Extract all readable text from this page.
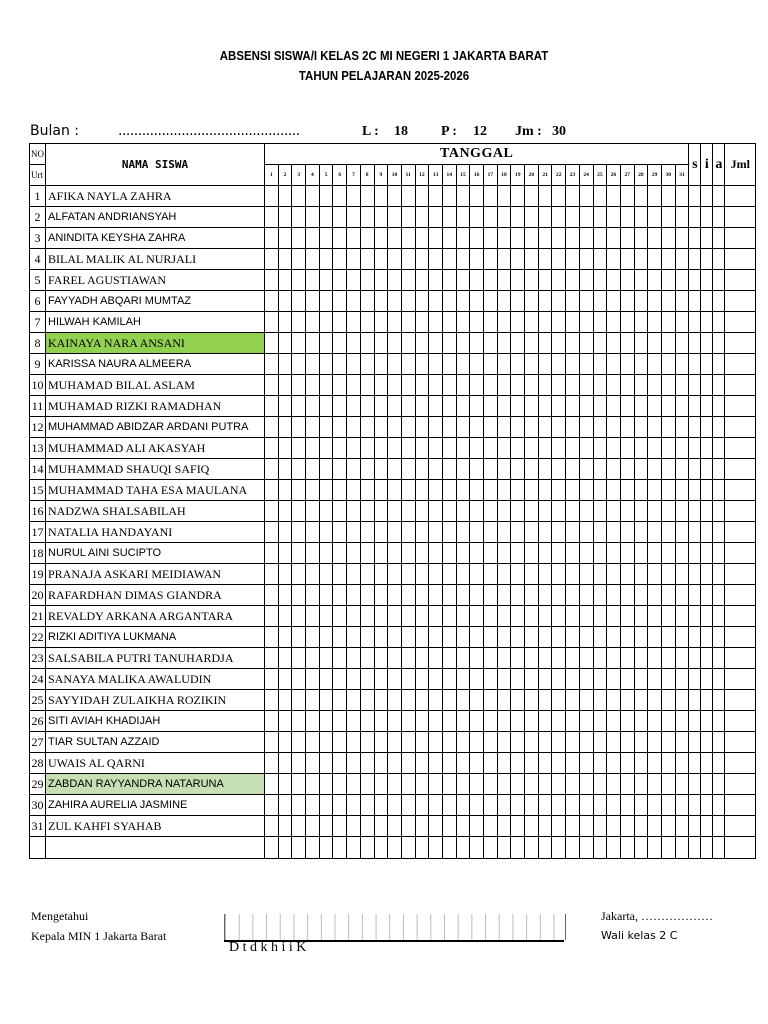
ABSENSI SISWA/I KELAS 2C MI NEGERI 1 JAKARTA BARAT
TAHUN PELAJARAN 2025-2026
Bulan :	..............................................	L : 18 P : 12 Jm : 30
NO	NAMA SISWA	TANGGAL																															s	i	a	Jml
Urt		1	2	3	4	5	6	7	8	9	10	11	12	13	14	15	16	17	18	19	20	21	22	23	24	25	26	27	28	29	30	31				
1	AFIKA NAYLA ZAHRA																																			
2	ALFATAN ANDRIANSYAH																																			
3	ANINDITA KEYSHA ZAHRA																																			
4	BILAL MALIK AL NURJALI																																			
5	FAREL AGUSTIAWAN																																			
6	FAYYADH ABQARI MUMTAZ																																			
7	HILWAH KAMILAH																																			
8	KAINAYA NARA ANSANI																																			
9	KARISSA NAURA ALMEERA																																			
10	MUHAMAD BILAL ASLAM																																			
11	MUHAMAD RIZKI RAMADHAN																																			
12	MUHAMMAD ABIDZAR ARDANI PUTRA																																			
13	MUHAMMAD ALI AKASYAH																																			
14	MUHAMMAD SHAUQI SAFIQ																																			
15	MUHAMMAD TAHA ESA MAULANA																																			
16	NADZWA SHALSABILAH																																			
17	NATALIA HANDAYANI																																			
18	NURUL AINI SUCIPTO																																			
19	PRANAJA ASKARI MEIDIAWAN																																			
20	RAFARDHAN DIMAS GIANDRA																																			
21	REVALDY ARKANA ARGANTARA																																			
22	RIZKI ADITIYA LUKMANA																																			
23	SALSABILA PUTRI TANUHARDJA																																			
24	SANAYA MALIKA AWALUDIN																																			
25	SAYYIDAH ZULAIKHA ROZIKIN																																			
26	SITI AVIAH KHADIJAH																																			
27	TIAR SULTAN AZZAID																																			
28	UWAIS AL QARNI																																			
29	ZABDAN RAYYANDRA NATARUNA																																			
30	ZAHIRA AURELIA JASMINE																																			
31	ZUL KAHFI SYAHAB																																			

Mengetahui
Kepala MIN 1 Jakarta Barat
D t d k h i i K
Jakarta, ………………
Wali kelas 2 C
